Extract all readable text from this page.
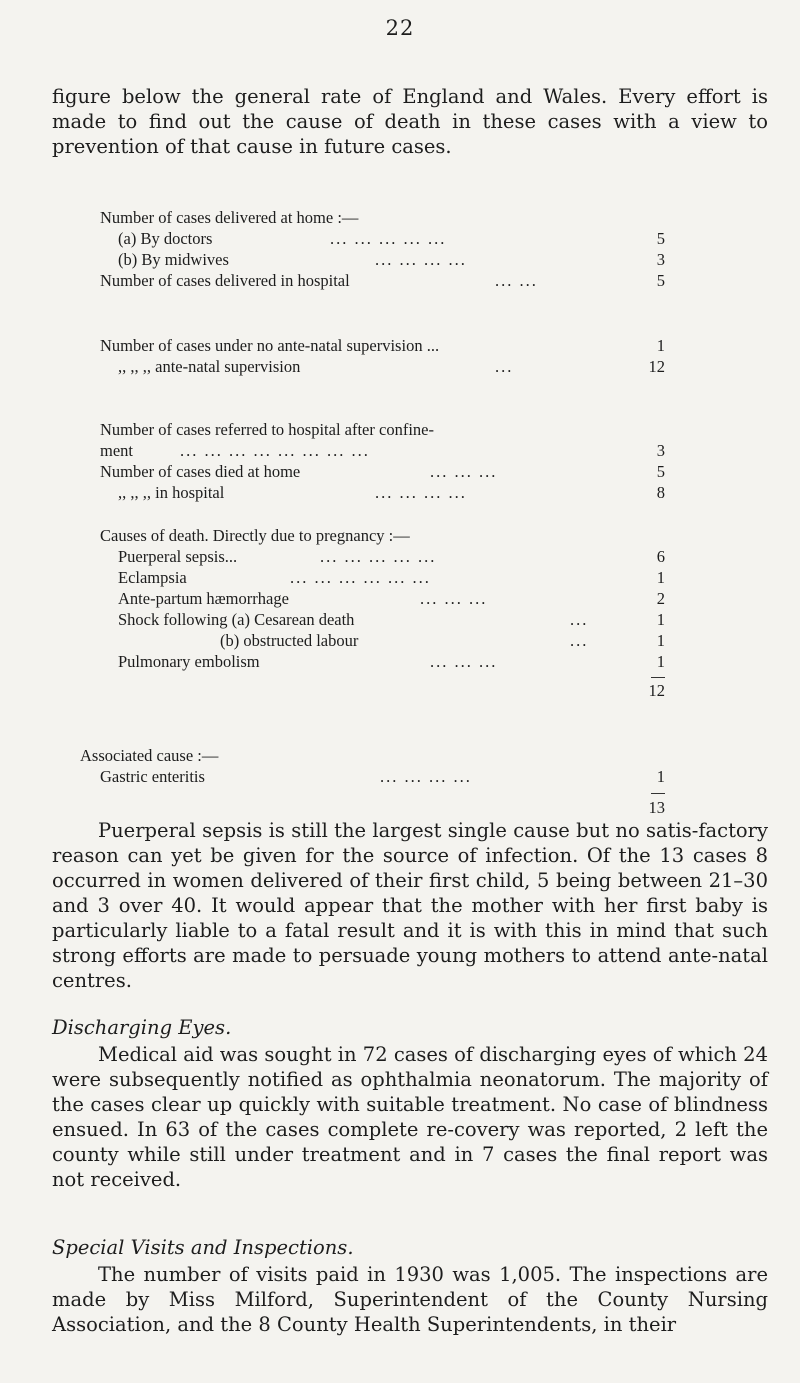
22

figure below the general rate of England and Wales. Every effort is made to find out the cause of death in these cases with a view to prevention of that cause in future cases.

Number of cases delivered at home :—
(a) By doctors	... ... ... ... ...	5
(b) By midwives	... ... ... ...	3
Number of cases delivered in hospital	... ...	5
Number of cases under no ante-natal supervision ...	1
,, ,, ,, ante-natal supervision	...	12
Number of cases referred to hospital after confine-
ment	... ... ... ... ... ... ... ...	3
Number of cases died at home	... ... ...	5
,, ,, ,, in hospital	... ... ... ...	8
Causes of death. Directly due to pregnancy :—
Puerperal sepsis...	... ... ... ... ...	6
Eclampsia	... ... ... ... ... ...	1
Ante-partum hæmorrhage	... ... ...	2
Shock following (a) Cesarean death	...	1
(b) obstructed labour	...	1
Pulmonary embolism	... ... ...	1
12
Associated cause :—
Gastric enteritis	... ... ... ...	1
13

Puerperal sepsis is still the largest single cause but no satis-factory reason can yet be given for the source of infection. Of the 13 cases 8 occurred in women delivered of their first child, 5 being between 21–30 and 3 over 40. It would appear that the mother with her first baby is particularly liable to a fatal result and it is with this in mind that such strong efforts are made to persuade young mothers to attend ante-natal centres.

Discharging Eyes.

Medical aid was sought in 72 cases of discharging eyes of which 24 were subsequently notified as ophthalmia neonatorum. The majority of the cases clear up quickly with suitable treatment. No case of blindness ensued. In 63 of the cases complete re-covery was reported, 2 left the county while still under treatment and in 7 cases the final report was not received.

Special Visits and Inspections.

The number of visits paid in 1930 was 1,005. The inspections are made by Miss Milford, Superintendent of the County Nursing Association, and the 8 County Health Superintendents, in their
